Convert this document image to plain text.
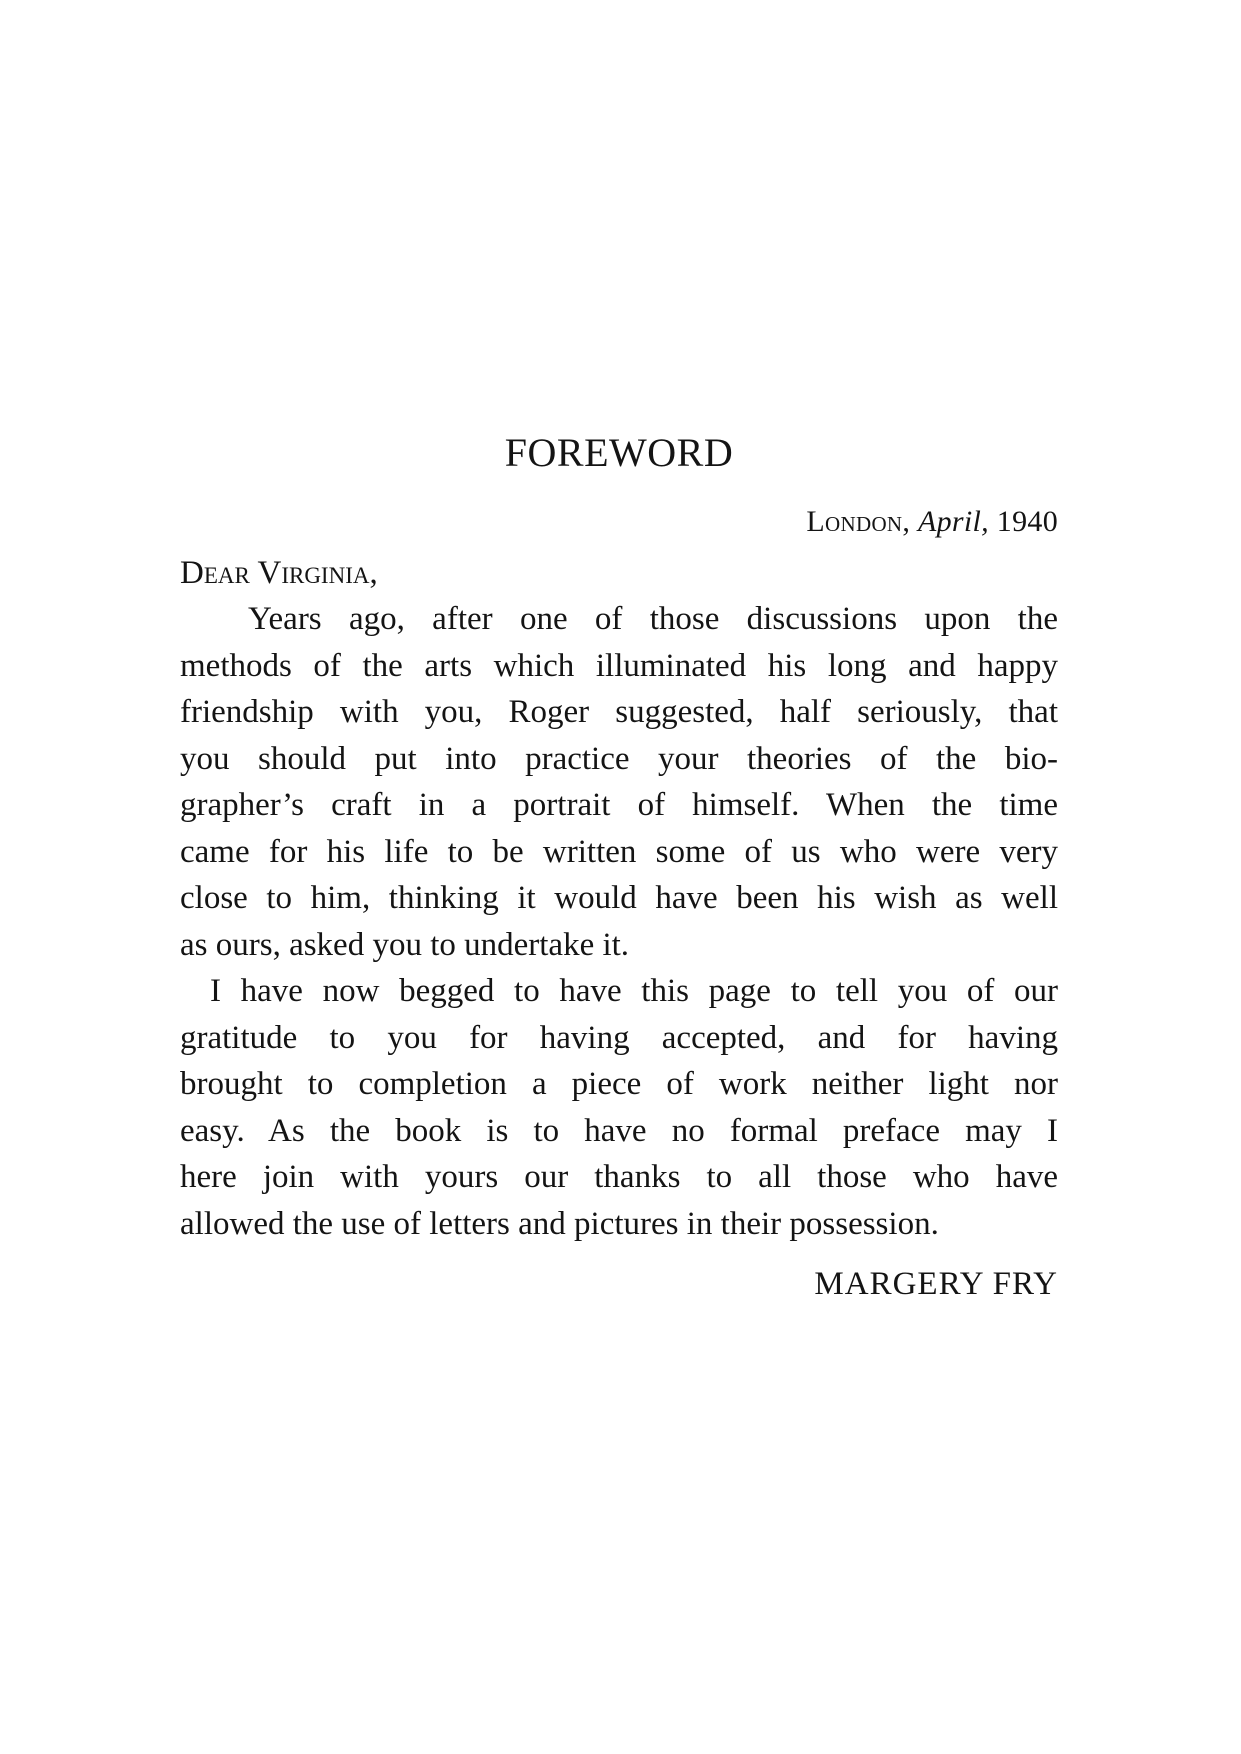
FOREWORD
London, April, 1940
Dear Virginia,

Years ago, after one of those discussions upon the
methods of the arts which illuminated his long and happy
friendship with you, Roger suggested, half seriously, that
you should put into practice your theories of the bio-
grapher’s craft in a portrait of himself. When the time
came for his life to be written some of us who were very
close to him, thinking it would have been his wish as well
as ours, asked you to undertake it.

I have now begged to have this page to tell you of our
gratitude to you for having accepted, and for having
brought to completion a piece of work neither light nor
easy. As the book is to have no formal preface may I
here join with yours our thanks to all those who have
allowed the use of letters and pictures in their possession.

MARGERY FRY
